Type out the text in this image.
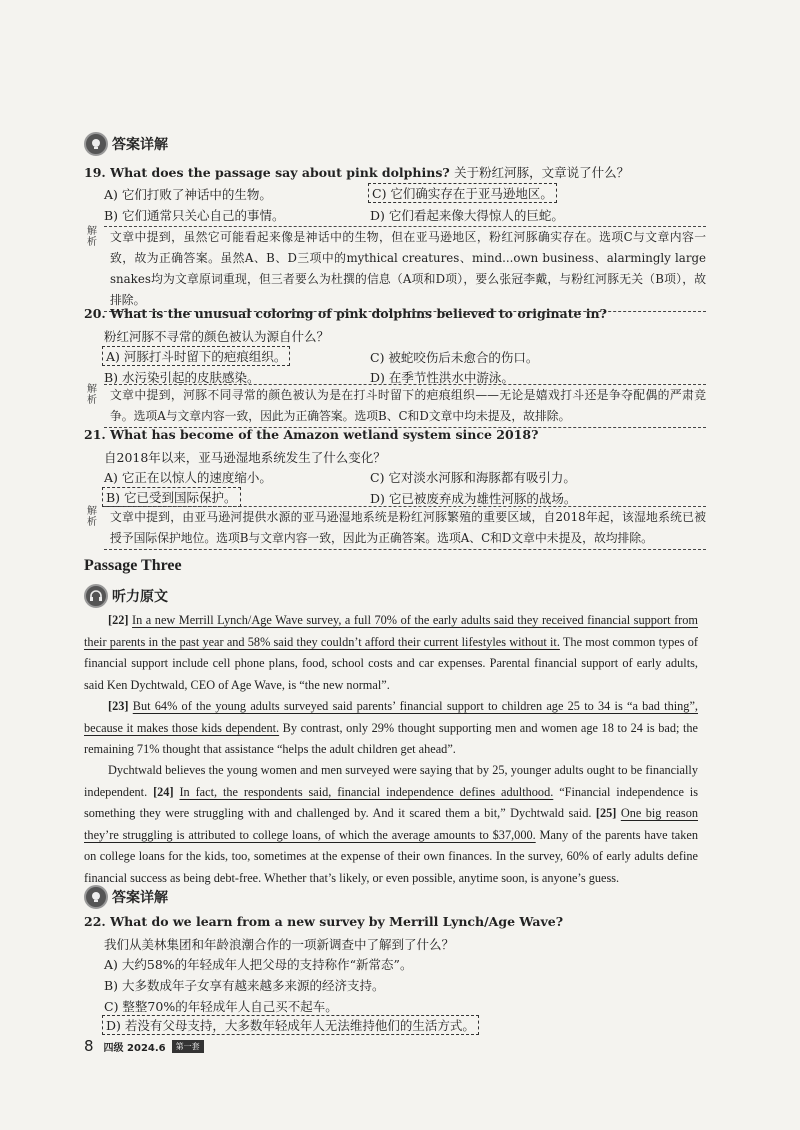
答案详解
19. What does the passage say about pink dolphins? 关于粉红河豚，文章说了什么？
A) 它们打败了神话中的生物。	C) 它们确实存在于亚马逊地区。
B) 它们通常只关心自己的事情。	D) 它们看起来像大得惊人的巨蛇。
解析	文章中提到，虽然它可能看起来像是神话中的生物，但在亚马逊地区，粉红河豚确实存在。选项C与文章内容一致，故为正确答案。虽然A、B、D三项中的mythical creatures、mind...own business、alarmingly large snakes均为文章原词重现，但三者要么为杜撰的信息（A项和D项），要么张冠李戴，与粉红河豚无关（B项），故排除。
20. What is the unusual coloring of pink dolphins believed to originate in?
粉红河豚不寻常的颜色被认为源自什么？
A) 河豚打斗时留下的疤痕组织。	C) 被蛇咬伤后未愈合的伤口。
B) 水污染引起的皮肤感染。	D) 在季节性洪水中游泳。
解析	文章中提到，河豚不同寻常的颜色被认为是在打斗时留下的疤痕组织——无论是嬉戏打斗还是争夺配偶的严肃竞争。选项A与文章内容一致，因此为正确答案。选项B、C和D文章中均未提及，故排除。
21. What has become of the Amazon wetland system since 2018?
自2018年以来，亚马逊湿地系统发生了什么变化？
A) 它正在以惊人的速度缩小。	C) 它对淡水河豚和海豚都有吸引力。
B) 它已受到国际保护。	D) 它已被废弃成为雄性河豚的战场。
解析	文章中提到，由亚马逊河提供水源的亚马逊湿地系统是粉红河豚繁殖的重要区域，自2018年起，该湿地系统已被授予国际保护地位。选项B与文章内容一致，因此为正确答案。选项A、C和D文章中未提及，故均排除。
Passage Three
听力原文
[22] In a new Merrill Lynch/Age Wave survey, a full 70% of the early adults said they received financial support from their parents in the past year and 58% said they couldn’t afford their current lifestyles without it. The most common types of financial support include cell phone plans, food, school costs and car expenses. Parental financial support of early adults, said Ken Dychtwald, CEO of Age Wave, is “the new normal”.
[23] But 64% of the young adults surveyed said parents’ financial support to children age 25 to 34 is “a bad thing”, because it makes those kids dependent. By contrast, only 29% thought supporting men and women age 18 to 24 is bad; the remaining 71% thought that assistance “helps the adult children get ahead”.
Dychtwald believes the young women and men surveyed were saying that by 25, younger adults ought to be financially independent. [24] In fact, the respondents said, financial independence defines adulthood. “Financial independence is something they were struggling with and challenged by. And it scared them a bit,” Dychtwald said. [25] One big reason they’re struggling is attributed to college loans, of which the average amounts to $37,000. Many of the parents have taken on college loans for the kids, too, sometimes at the expense of their own finances. In the survey, 60% of early adults define financial success as being debt-free. Whether that’s likely, or even possible, anytime soon, is anyone’s guess.
答案详解
22. What do we learn from a new survey by Merrill Lynch/Age Wave?
我们从美林集团和年龄浪潮合作的一项新调查中了解到了什么？
A) 大约58%的年轻成年人把父母的支持称作“新常态”。
B) 大多数成年子女享有越来越多来源的经济支持。
C) 整整70%的年轻成年人自己买不起车。
D) 若没有父母支持，大多数年轻成年人无法维持他们的生活方式。
8 四级 2024.6	第一套
